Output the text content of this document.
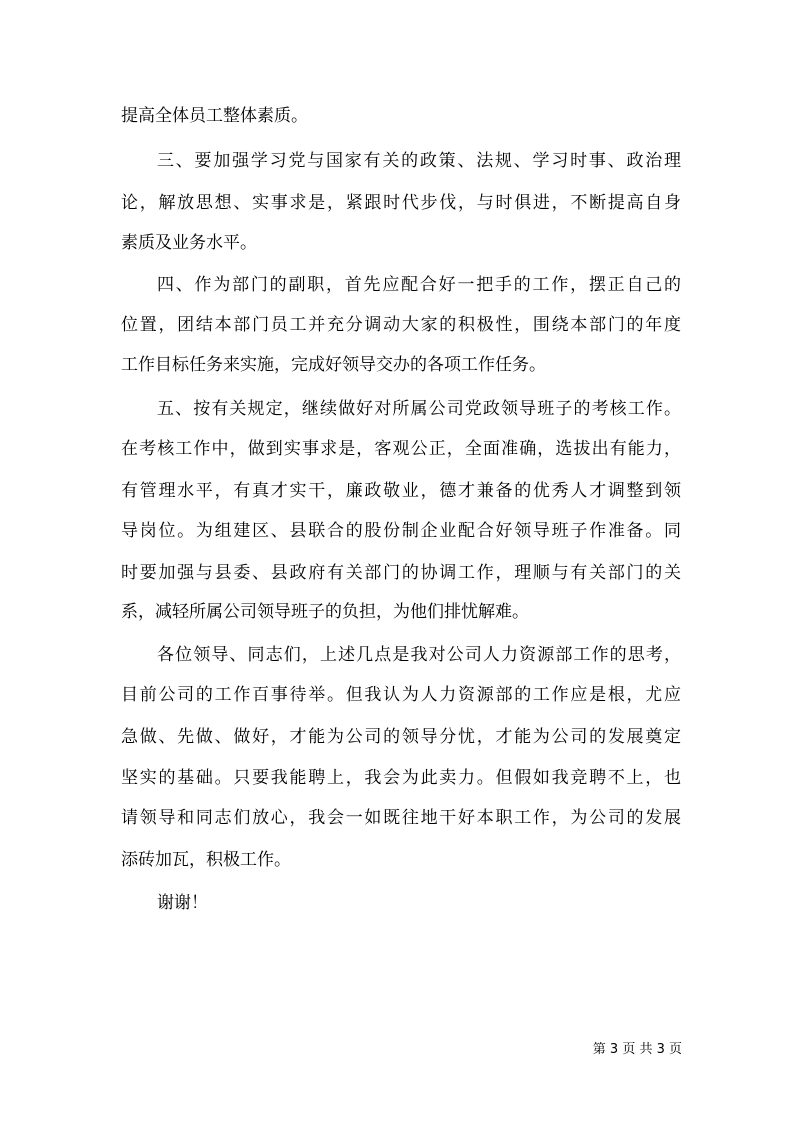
提高全体员工整体素质。
三、要加强学习党与国家有关的政策、法规、学习时事、政治理
论，解放思想、实事求是，紧跟时代步伐，与时俱进，不断提高自身
素质及业务水平。
四、作为部门的副职，首先应配合好一把手的工作，摆正自己的
位置，团结本部门员工并充分调动大家的积极性，围绕本部门的年度
工作目标任务来实施，完成好领导交办的各项工作任务。
五、按有关规定，继续做好对所属公司党政领导班子的考核工作。
在考核工作中，做到实事求是，客观公正，全面准确，选拔出有能力，
有管理水平，有真才实干，廉政敬业，德才兼备的优秀人才调整到领
导岗位。为组建区、县联合的股份制企业配合好领导班子作准备。同
时要加强与县委、县政府有关部门的协调工作，理顺与有关部门的关
系，减轻所属公司领导班子的负担，为他们排忧解难。
各位领导、同志们，上述几点是我对公司人力资源部工作的思考，
目前公司的工作百事待举。但我认为人力资源部的工作应是根，尤应
急做、先做、做好，才能为公司的领导分忧，才能为公司的发展奠定
坚实的基础。只要我能聘上，我会为此卖力。但假如我竞聘不上，也
请领导和同志们放心，我会一如既往地干好本职工作，为公司的发展
添砖加瓦，积极工作。
谢谢！
第 3 页 共 3 页
